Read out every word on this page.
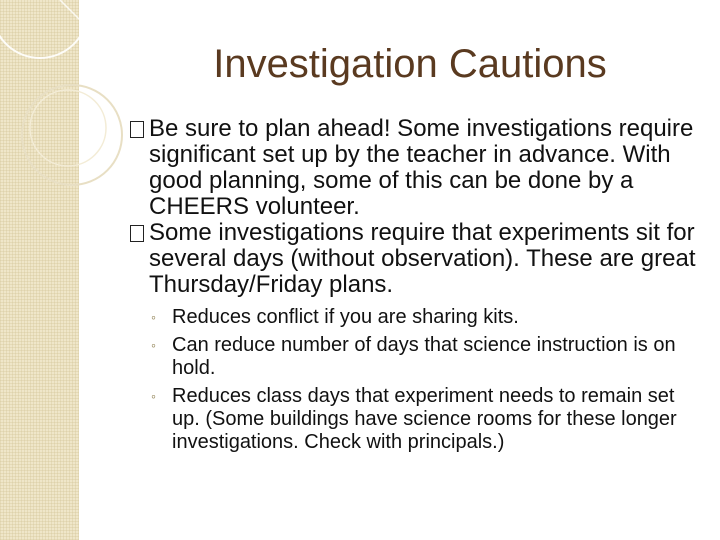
Investigation Cautions
Be sure to plan ahead! Some investigations require significant set up by the teacher in advance. With good planning, some of this can be done by a CHEERS volunteer.
Some investigations require that experiments sit for several days (without observation). These are great Thursday/Friday plans.
◦ Reduces conflict if you are sharing kits.
◦ Can reduce number of days that science instruction is on hold.
◦ Reduces class days that experiment needs to remain set up. (Some buildings have science rooms for these longer investigations. Check with principals.)
